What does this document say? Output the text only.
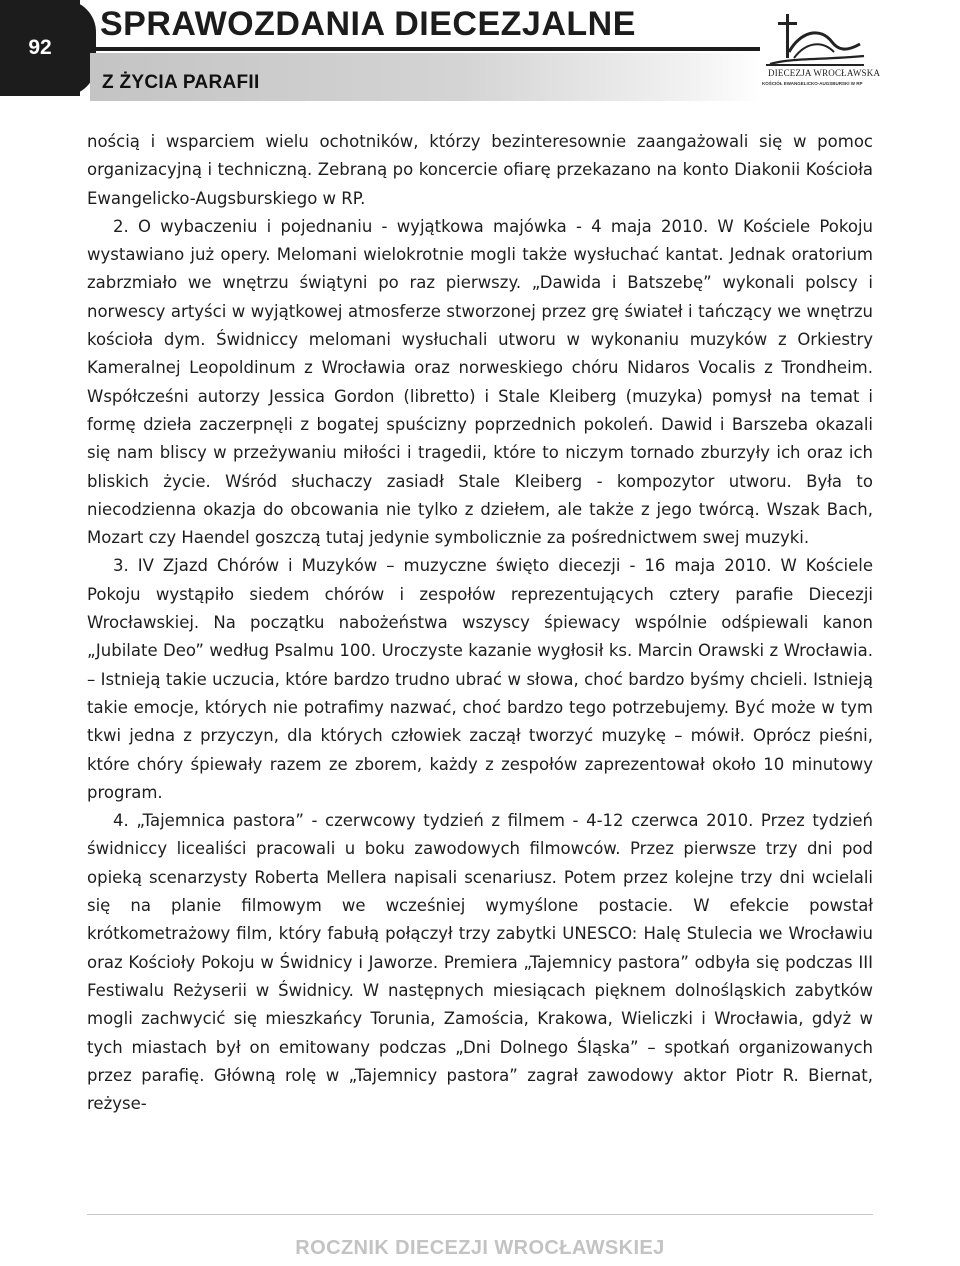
92
SPRAWOZDANIA DIECEZJALNE
Z ŻYCIA PARAFII	DIECEZJA WROCŁAWSKA
KOŚCIÓŁ EWANGELICKO-AUGSBURSKI W RP

nością i wsparciem wielu ochotników, którzy bezinteresownie zaangażowali się w pomoc organizacyjną i techniczną. Zebraną po koncercie ofiarę przekazano na konto Diakonii Kościoła Ewangelicko-Augsburskiego w RP.

2. O wybaczeniu i pojednaniu - wyjątkowa majówka - 4 maja 2010. W Kościele Pokoju wystawiano już opery. Melomani wielokrotnie mogli także wysłuchać kantat. Jednak oratorium zabrzmiało we wnętrzu świątyni po raz pierwszy. „Dawida i Batszebę” wykonali polscy i norwescy artyści w wyjątkowej atmosferze stworzonej przez grę świateł i tańczący we wnętrzu kościoła dym. Świdniccy melomani wysłuchali utworu w wykonaniu muzyków z Orkiestry Kameralnej Leopoldinum z Wrocławia oraz norweskiego chóru Nidaros Vocalis z Trondheim. Współcześni autorzy Jessica Gordon (libretto) i Stale Kleiberg (muzyka) pomysł na temat i formę dzieła zaczerpnęli z bogatej spuścizny poprzednich pokoleń. Dawid i Barszeba okazali się nam bliscy w przeżywaniu miłości i tragedii, które to niczym tornado zburzyły ich oraz ich bliskich życie. Wśród słuchaczy zasiadł Stale Kleiberg - kompozytor utworu. Była to niecodzienna okazja do obcowania nie tylko z dziełem, ale także z jego twórcą. Wszak Bach, Mozart czy Haendel goszczą tutaj jedynie symbolicznie za pośrednictwem swej muzyki.

3. IV Zjazd Chórów i Muzyków – muzyczne święto diecezji - 16 maja 2010. W Kościele Pokoju wystąpiło siedem chórów i zespołów reprezentujących cztery parafie Diecezji Wrocławskiej. Na początku nabożeństwa wszyscy śpiewacy wspólnie odśpiewali kanon „Jubilate Deo” według Psalmu 100. Uroczyste kazanie wygłosił ks. Marcin Orawski z Wrocławia. – Istnieją takie uczucia, które bardzo trudno ubrać w słowa, choć bardzo byśmy chcieli. Istnieją takie emocje, których nie potrafimy nazwać, choć bardzo tego potrzebujemy. Być może w tym tkwi jedna z przyczyn, dla których człowiek zaczął tworzyć muzykę – mówił. Oprócz pieśni, które chóry śpiewały razem ze zborem, każdy z zespołów zaprezentował około 10 minutowy program.

4. „Tajemnica pastora” - czerwcowy tydzień z filmem - 4-12 czerwca 2010. Przez tydzień świdniccy licealiści pracowali u boku zawodowych filmowców. Przez pierwsze trzy dni pod opieką scenarzysty Roberta Mellera napisali scenariusz. Potem przez kolejne trzy dni wcielali się na planie filmowym we wcześniej wymyślone postacie. W efekcie powstał krótkometrażowy film, który fabułą połączył trzy zabytki UNESCO: Halę Stulecia we Wrocławiu oraz Kościoły Pokoju w Świdnicy i Jaworze. Premiera „Tajemnicy pastora” odbyła się podczas III Festiwalu Reżyserii w Świdnicy. W następnych miesiącach pięknem dolnośląskich zabytków mogli zachwycić się mieszkańcy Torunia, Zamościa, Krakowa, Wieliczki i Wrocławia, gdyż w tych miastach był on emitowany podczas „Dni Dolnego Śląska” – spotkań organizowanych przez parafię. Główną rolę w „Tajemnicy pastora” zagrał zawodowy aktor Piotr R. Biernat, reżyse-

ROCZNIK DIECEZJI WROCŁAWSKIEJ
